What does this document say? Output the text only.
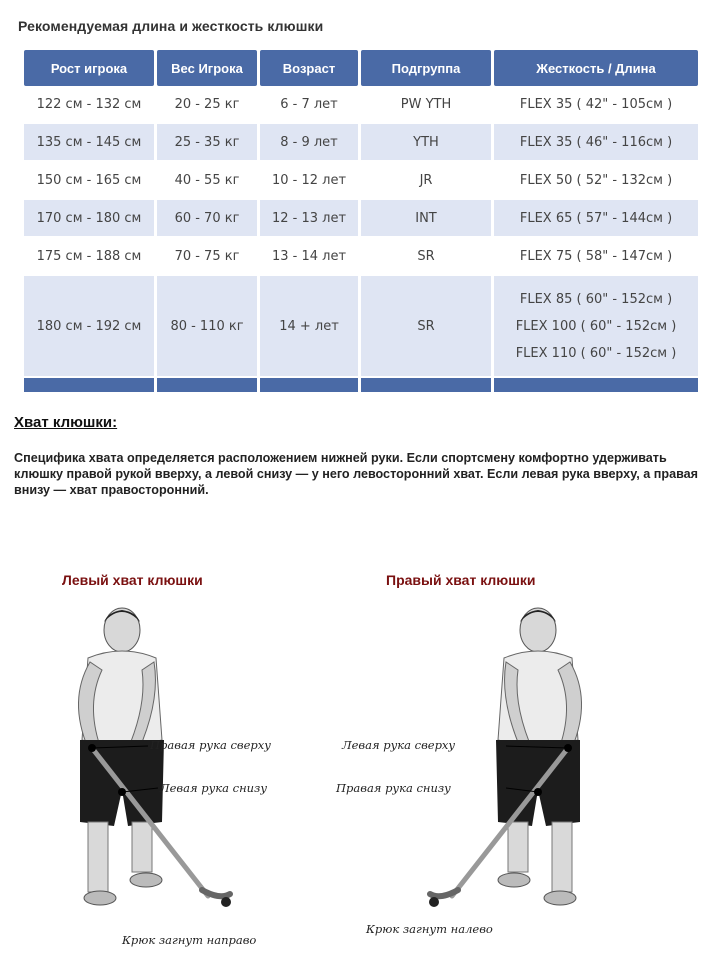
Рекомендуемая длина и жесткость клюшки
Рост игрока	Вес Игрока	Возраст	Подгруппа	Жесткость / Длина
122 см - 132 см	20 - 25 кг	6 - 7 лет	PW YTH	FLEX 35 ( 42" - 105см )
135 см - 145 см	25 - 35 кг	8 - 9 лет	YTH	FLEX 35 ( 46" - 116см )
150 см - 165 см	40 - 55 кг	10 - 12 лет	JR	FLEX 50 ( 52" - 132см )
170 см - 180 см	60 - 70 кг	12 - 13 лет	INT	FLEX 65 ( 57" - 144см )
175 см - 188 см	70 - 75 кг	13 - 14 лет	SR	FLEX 75 ( 58" - 147см )
180 см - 192 см	80 - 110 кг	14 + лет	SR	FLEX 85 ( 60" - 152см )
FLEX 100 ( 60" - 152см )
FLEX 110 ( 60" - 152см )

Хват клюшки:
Специфика хвата определяется расположением нижней руки. Если спортсмену комфортно удерживать клюшку правой рукой вверху, а левой снизу — у него левосторонний хват. Если левая рука вверху, а правая внизу — хват правосторонний.
Левый хват клюшки
Правая рука сверху
Левая рука снизу
Крюк загнут направо
Правый хват клюшки
Левая рука сверху
Правая рука снизу
Крюк загнут налево
